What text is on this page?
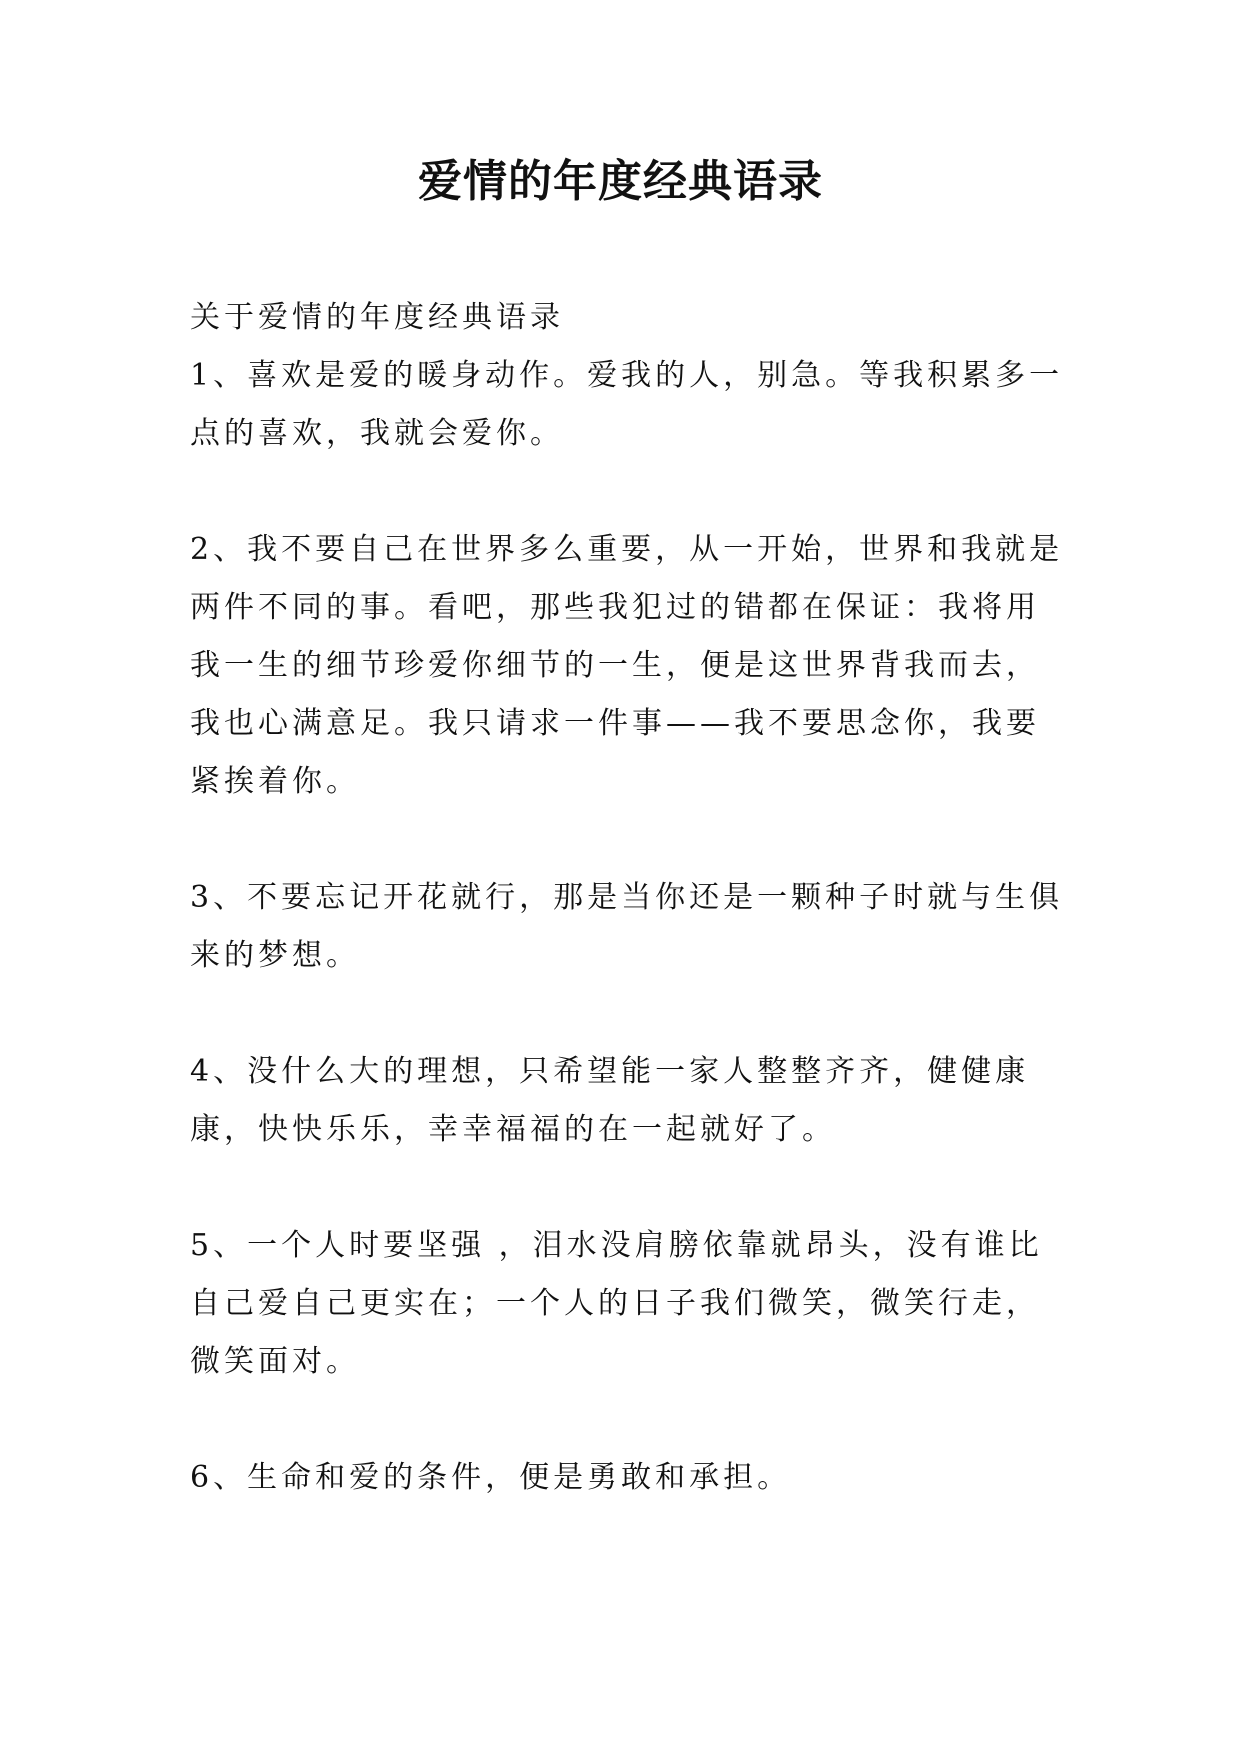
爱情的年度经典语录

关于爱情的年度经典语录

1、喜欢是爱的暖身动作。爱我的人，别急。等我积累多一点的喜欢，我就会爱你。

2、我不要自己在世界多么重要，从一开始，世界和我就是两件不同的事。看吧，那些我犯过的错都在保证：我将用我一生的细节珍爱你细节的一生，便是这世界背我而去，我也心满意足。我只请求一件事——我不要思念你，我要紧挨着你。

3、不要忘记开花就行，那是当你还是一颗种子时就与生俱来的梦想。

4、没什么大的理想，只希望能一家人整整齐齐，健健康康，快快乐乐，幸幸福福的在一起就好了。

5、一个人时要坚强 ，泪水没肩膀依靠就昂头，没有谁比自己爱自己更实在；一个人的日子我们微笑，微笑行走，微笑面对。

6、生命和爱的条件，便是勇敢和承担。
